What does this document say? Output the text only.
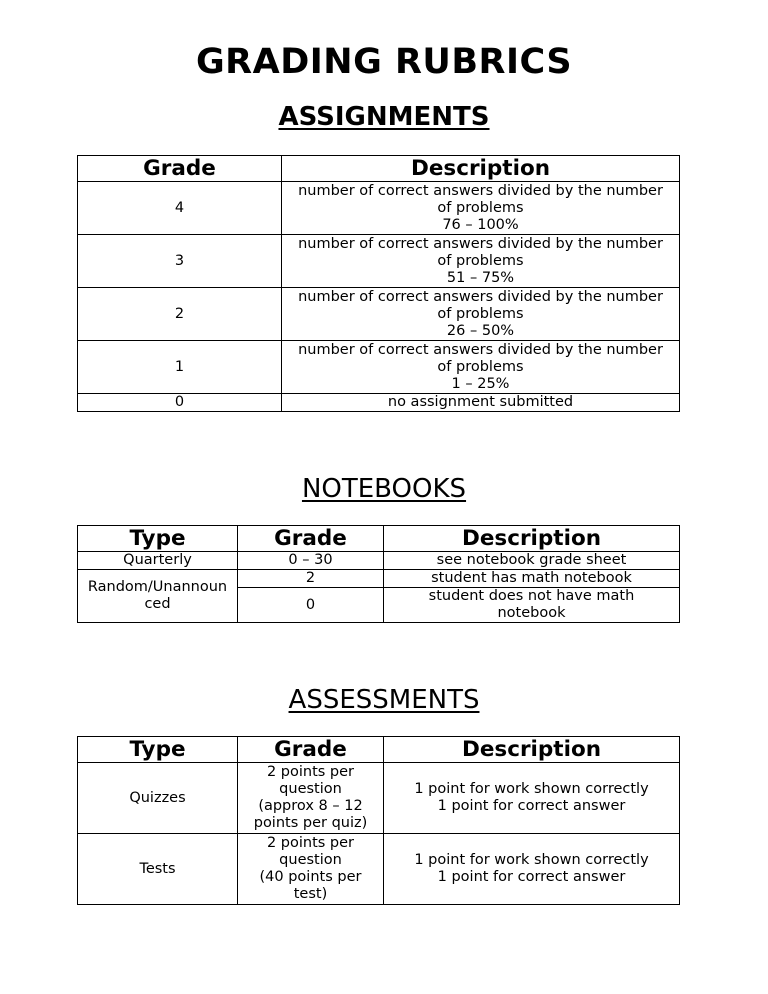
GRADING RUBRICS
ASSIGNMENTS
Grade	Description
4	number of correct answers divided by the number
of problems
76 – 100%

3	number of correct answers divided by the number
of problems
51 – 75%

2	number of correct answers divided by the number
of problems
26 – 50%

1	number of correct answers divided by the number
of problems
1 – 25%

0	no assignment submitted
NOTEBOOKS
Type	Grade	Description
Quarterly	0 – 30	see notebook grade sheet

Random/Unannoun
ced	2	student has math notebook
	0	student does not have math
notebook
ASSESSMENTS
Type	Grade	Description
Quizzes	2 points per
question
(approx 8 – 12
points per quiz)	1 point for work shown correctly
1 point for correct answer

Tests	2 points per
question
(40 points per
test)	1 point for work shown correctly
1 point for correct answer
